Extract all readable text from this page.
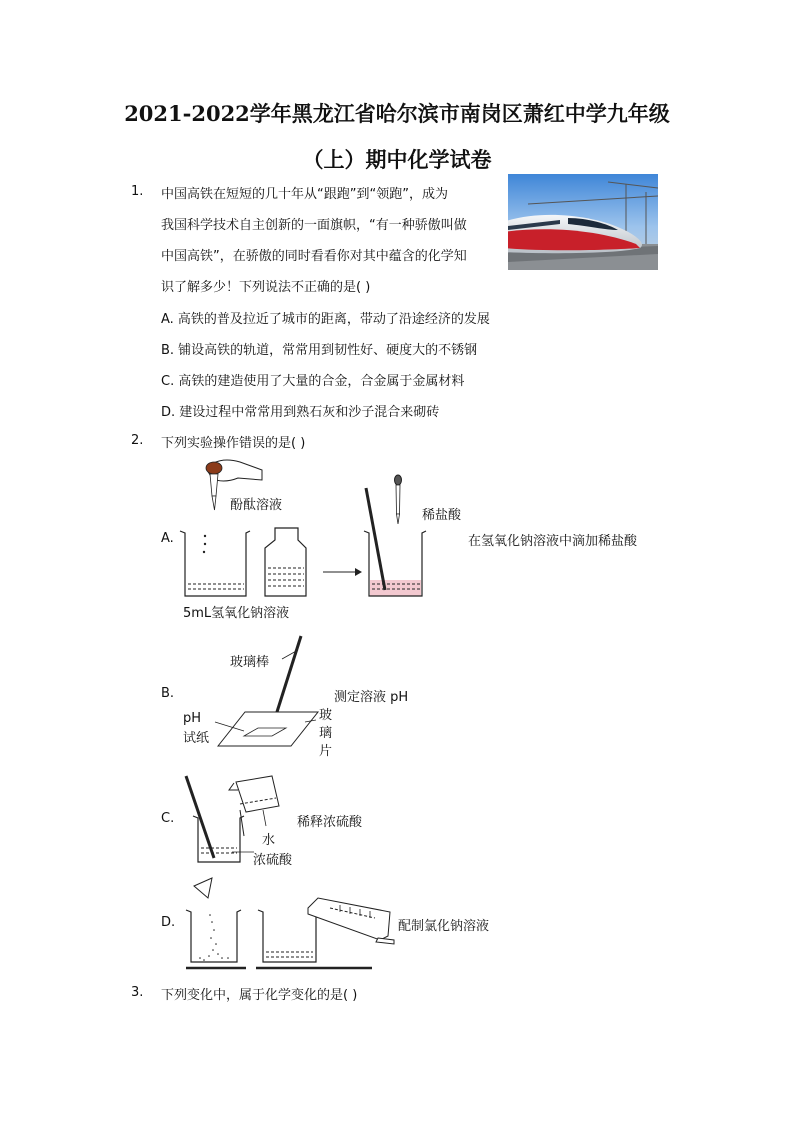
2021-2022学年黑龙江省哈尔滨市南岗区萧红中学九年级
（上）期中化学试卷
1. 中国高铁在短短的几十年从“跟跑”到“领跑”，成为
我国科学技术自主创新的一面旗帜，“有一种骄傲叫做
中国高铁”，在骄傲的同时看看你对其中蕴含的化学知
识了解多少！下列说法不正确的是( )
A. 高铁的普及拉近了城市的距离，带动了沿途经济的发展
B. 铺设高铁的轨道，常常用到韧性好、硬度大的不锈钢
C. 高铁的建造使用了大量的合金，合金属于金属材料
D. 建设过程中常常用到熟石灰和沙子混合来砌砖
2. 下列实验操作错误的是( )
A.
酚酞溶液
5mL氢氧化钠溶液
稀盐酸
在氢氧化钠溶液中滴加稀盐酸
B.
玻璃棒
测定溶液 pH
pH
试纸
玻
璃
片
C.
水
浓硫酸
稀释浓硫酸
D.	配制氯化钠溶液
3. 下列变化中，属于化学变化的是( )
